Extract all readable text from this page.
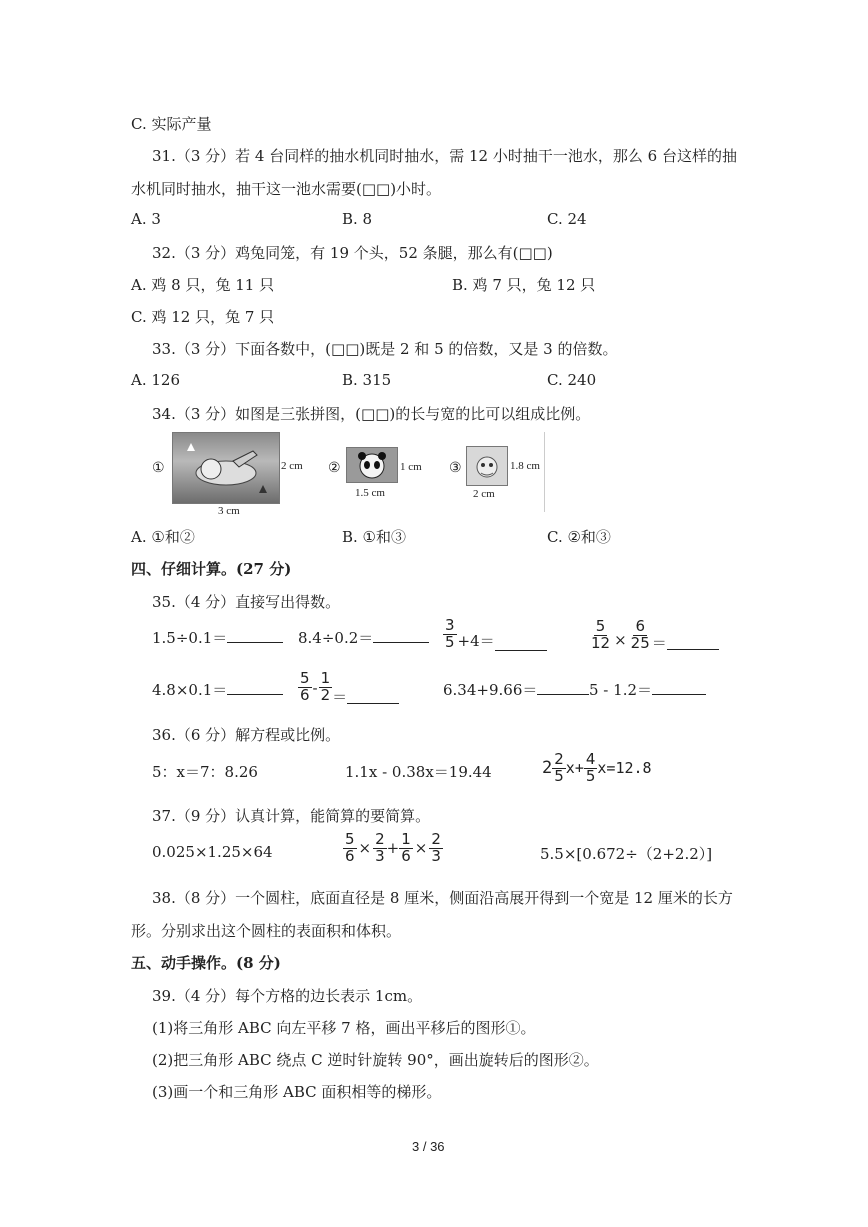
C. 实际产量
31.（3 分）若 4 台同样的抽水机同时抽水，需 12 小时抽干一池水，那么 6 台这样的抽
水机同时抽水，抽干这一池水需要(□□)小时。
A. 3	B. 8	C. 24
32.（3 分）鸡兔同笼，有 19 个头，52 条腿，那么有(□□)
A. 鸡 8 只，兔 11 只	B. 鸡 7 只，兔 12 只
C. 鸡 12 只，兔 7 只
33.（3 分）下面各数中，(□□)既是 2 和 5 的倍数，又是 3 的倍数。
A. 126	B. 315	C. 240
34.（3 分）如图是三张拼图，(□□)的长与宽的比可以组成比例。
①	2 cm
3 cm
②	1 cm
1.5 cm
③	1.8 cm
2 cm
A. ①和②	B. ①和③	C. ②和③
四、仔细计算。(27 分)
35.（4 分）直接写出得数。
1.5÷0.1＝	8.4÷0.2＝	$\frac{3}{5} +4=$	$\frac{5}{12} \times \frac{6}{25}$ ＝
4.8×0.1＝	$\frac{5}{6} - \frac{1}{2}$ ＝	6.34+9.66＝	5 - 1.2＝
36.（6 分）解方程或比例。
5：x＝7：8.26	1.1x - 0.38x＝19.44	$2 \frac{2}{5} x+ \frac{4}{5} x=12.8$
37.（9 分）认真计算，能简算的要简算。
0.025×1.25×64	$\frac{5}{6} \times \frac{2}{3} + \frac{1}{6} \times \frac{2}{3}$	5.5×[0.672÷（2+2.2）]
38.（8 分）一个圆柱，底面直径是 8 厘米，侧面沿高展开得到一个宽是 12 厘米的长方
形。分别求出这个圆柱的表面积和体积。
五、动手操作。(8 分)
39.（4 分）每个方格的边长表示 1cm。
(1)将三角形 ABC 向左平移 7 格，画出平移后的图形①。
(2)把三角形 ABC 绕点 C 逆时针旋转 90°，画出旋转后的图形②。
(3)画一个和三角形 ABC 面积相等的梯形。
3 / 36
